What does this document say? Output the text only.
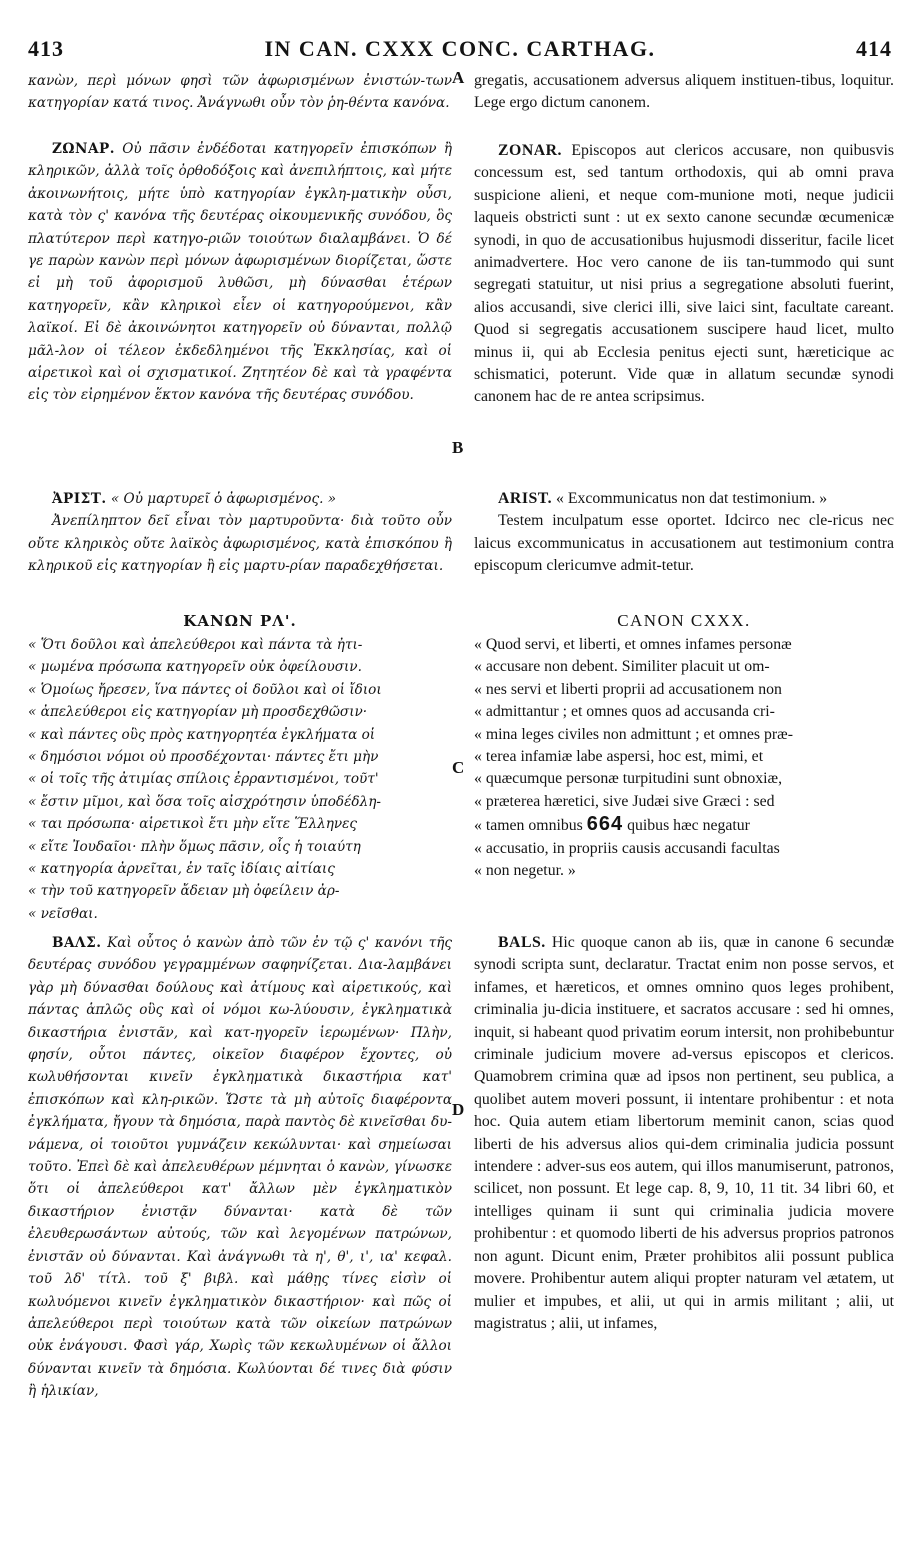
IN CAN. CXXX CONC. CARTHAG.
413	414

κανὼν, περὶ μόνων φησὶ τῶν ἀφωρισμένων ἐνιστών-των κατηγορίαν κατά τινος. Ἀνάγνωθι οὖν τὸν ῥη-θέντα κανόνα.

ΖΩΝΑΡ. Οὐ πᾶσιν ἐνδέδοται κατηγορεῖν ἐπισκόπων ἢ κληρικῶν, ἀλλὰ τοῖς ὀρθοδόξοις καὶ ἀνεπιλήπτοις, καὶ μήτε ἀκοινωνήτοις, μήτε ὑπὸ κατηγορίαν ἐγκλη-ματικὴν οὖσι, κατὰ τὸν ς' κανόνα τῆς δευτέρας οἰκουμενικῆς συνόδου, ὃς πλατύτερον περὶ κατηγο-ριῶν τοιούτων διαλαμβάνει. Ὁ δέ γε παρὼν κανὼν περὶ μόνων ἀφωρισμένων διορίζεται, ὥστε εἰ μὴ τοῦ ἀφορισμοῦ λυθῶσι, μὴ δύνασθαι ἑτέρων κατηγορεῖν, κἂν κληρικοὶ εἶεν οἱ κατηγορούμενοι, κἂν λαϊκοί. Εἰ δὲ ἀκοινώνητοι κατηγορεῖν οὐ δύνανται, πολλῷ μᾶλ-λον οἱ τέλεον ἐκδεδλημένοι τῆς Ἐκκλησίας, καὶ οἱ αἱρετικοὶ καὶ οἱ σχισματικοί. Ζητητέον δὲ καὶ τὰ γραφέντα εἰς τὸν εἰρημένον ἕκτον κανόνα τῆς δευτέρας συνόδου.

ἈΡΙΣΤ. « Οὐ μαρτυρεῖ ὁ ἀφωρισμένος. »

Ἀνεπίληπτον δεῖ εἶναι τὸν μαρτυροῦντα· διὰ τοῦτο οὖν οὔτε κληρικὸς οὔτε λαϊκὸς ἀφωρισμένος, κατὰ ἐπισκόπου ἢ κληρικοῦ εἰς κατηγορίαν ἢ εἰς μαρτυ-ρίαν παραδεχθήσεται.

ΚΑΝΩΝ ΡΛ'.

« Ὅτι δοῦλοι καὶ ἀπελεύθεροι καὶ πάντα τὰ ἠτι-
« μωμένα πρόσωπα κατηγορεῖν οὐκ ὀφείλουσιν.
« Ὁμοίως ἤρεσεν, ἵνα πάντες οἱ δοῦλοι καὶ οἱ ἴδιοι
« ἀπελεύθεροι εἰς κατηγορίαν μὴ προσδεχθῶσιν·
« καὶ πάντες οὓς πρὸς κατηγορητέα ἐγκλήματα οἱ
« δημόσιοι νόμοι οὐ προσδέχονται· πάντες ἔτι μὴν
« οἱ τοῖς τῆς ἀτιμίας σπίλοις ἐρραντισμένοι, τοῦτ'
« ἔστιν μῖμοι, καὶ ὅσα τοῖς αἰσχρότησιν ὑποδέδλη-
« ται πρόσωπα· αἱρετικοὶ ἔτι μὴν εἴτε Ἕλληνες
« εἴτε Ἰουδαῖοι· πλὴν ὅμως πᾶσιν, οἷς ἡ τοιαύτη
« κατηγορία ἀρνεῖται, ἐν ταῖς ἰδίαις αἰτίαις
« τὴν τοῦ κατηγορεῖν ἄδειαν μὴ ὀφείλειν ἀρ-
« νεῖσθαι.

ΒΑΛΣ. Καὶ οὗτος ὁ κανὼν ἀπὸ τῶν ἐν τῷ ς' κανόνι τῆς δευτέρας συνόδου γεγραμμένων σαφηνίζεται. Δια-λαμβάνει γὰρ μὴ δύνασθαι δούλους καὶ ἀτίμους καὶ αἱρετικούς, καὶ πάντας ἁπλῶς οὓς καὶ οἱ νόμοι κω-λύουσιν, ἐγκληματικὰ δικαστήρια ἐνιστᾶν, καὶ κατ-ηγορεῖν ἱερωμένων· Πλὴν, φησίν, οὗτοι πάντες, οἰκεῖον διαφέρον ἔχοντες, οὐ κωλυθήσονται κινεῖν ἐγκληματικὰ δικαστήρια κατ' ἐπισκόπων καὶ κλη-ρικῶν. Ὥστε τὰ μὴ αὐτοῖς διαφέροντα ἐγκλήματα, ἤγουν τὰ δημόσια, παρὰ παντὸς δὲ κινεῖσθαι δυ-νάμενα, οἱ τοιοῦτοι γυμνάζειν κεκώλυνται· καὶ σημείωσαι τοῦτο. Ἐπεὶ δὲ καὶ ἀπελευθέρων μέμνηται ὁ κανὼν, γίνωσκε ὅτι οἱ ἀπελεύθεροι κατ' ἄλλων μὲν ἐγκληματικὸν δικαστήριον ἐνιστᾷν δύνανται· κατὰ δὲ τῶν ἐλευθερωσάντων αὐτούς, τῶν καὶ λεγομένων πατρώνων, ἐνιστᾶν οὐ δύνανται. Καὶ ἀνάγνωθι τὰ η', θ', ι', ια' κεφαλ. τοῦ λδ' τίτλ. τοῦ ξ' βιβλ. καὶ μάθῃς τίνες εἰσὶν οἱ κωλυόμενοι κινεῖν ἐγκληματικὸν δικαστήριον· καὶ πῶς οἱ ἀπελεύθεροι περὶ τοιούτων κατὰ τῶν οἰκείων πατρώνων οὐκ ἐνάγουσι. Φασὶ γάρ, Χωρὶς τῶν κεκωλυμένων οἱ ἄλλοι δύνανται κινεῖν τὰ δημόσια. Κωλύονται δέ τινες διὰ φύσιν ἢ ἡλικίαν,

A
B
C
D

gregatis, accusationem adversus aliquem instituen-tibus, loquitur. Lege ergo dictum canonem.

ZONAR. Episcopos aut clericos accusare, non quibusvis concessum est, sed tantum orthodoxis, qui ab omni prava suspicione alieni, et neque com-munione moti, neque judicii laqueis obstricti sunt : ut ex sexto canone secundæ œcumenicæ synodi, in quo de accusationibus hujusmodi disseritur, facile licet animadvertere. Hoc vero canone de iis tan-tummodo qui sunt segregati statuitur, ut nisi prius a segregatione absoluti fuerint, alios accusandi, sive clerici illi, sive laici sint, facultate careant. Quod si segregatis accusationem suscipere haud licet, multo minus ii, qui ab Ecclesia penitus ejecti sunt, hæreticique ac schismatici, poterunt. Vide quæ in allatum secundæ synodi canonem hac de re antea scripsimus.

ARIST. « Excommunicatus non dat testimonium. »

Testem inculpatum esse oportet. Idcirco nec cle-ricus nec laicus excommunicatus in accusationem aut testimonium contra episcopum clericumve admit-tetur.

CANON CXXX.

« Quod servi, et liberti, et omnes infames personæ
« accusare non debent. Similiter placuit ut om-
« nes servi et liberti proprii ad accusationem non
« admittantur ; et omnes quos ad accusanda cri-
« mina leges civiles non admittunt ; et omnes præ-
« terea infamiæ labe aspersi, hoc est, mimi, et
« quæcumque personæ turpitudini sunt obnoxiæ,
« præterea hæretici, sive Judæi sive Græci : sed
« tamen omnibus 664 quibus hæc negatur
« accusatio, in propriis causis accusandi facultas
« non negetur. »

BALS. Hic quoque canon ab iis, quæ in canone 6 secundæ synodi scripta sunt, declaratur. Tractat enim non posse servos, et infames, et hæreticos, et omnes omnino quos leges prohibent, criminalia ju-dicia instituere, et sacratos accusare : sed hi omnes, inquit, si habeant quod privatim eorum intersit, non prohibebuntur criminale judicium movere ad-versus episcopos et clericos. Quamobrem crimina quæ ad ipsos non pertinent, seu publica, a quolibet autem moveri possunt, ii intentare prohibentur : et nota hoc. Quia autem etiam libertorum meminit canon, scias quod liberti de his adversus alios qui-dem criminalia judicia possunt intendere : adver-sus eos autem, qui illos manumiserunt, patronos, scilicet, non possunt. Et lege cap. 8, 9, 10, 11 tit. 34 libri 60, et intelliges quinam ii sunt qui criminalia judicia movere prohibentur : et quomodo liberti de his adversus proprios patronos non agunt. Dicunt enim, Præter prohibitos alii possunt publica movere. Prohibentur autem aliqui propter naturam vel ætatem, ut mulier et impubes, et alii, ut qui in armis militant ; alii, ut magistratus ; alii, ut infames,
